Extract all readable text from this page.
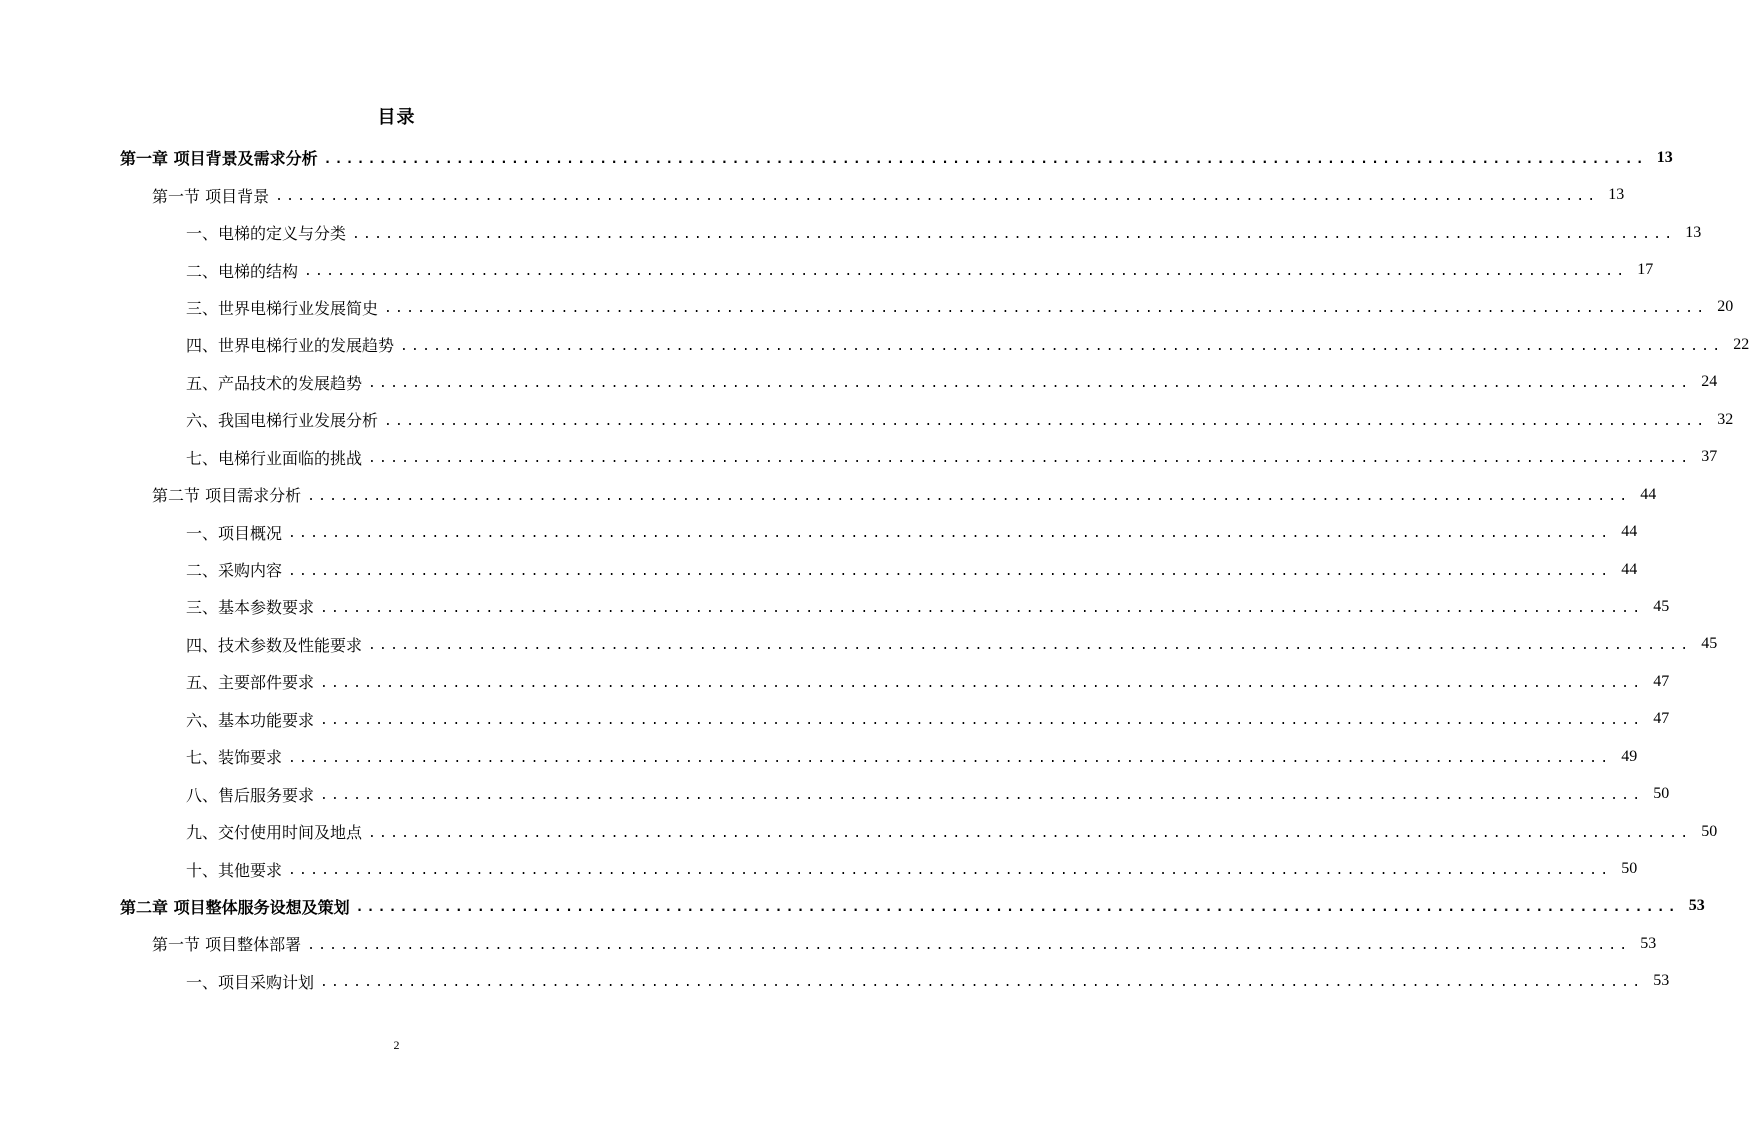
目录
第一章 项目背景及需求分析 ........................................................................................................................ 13
第一节 项目背景 ........................................................................................................................ 13
一、电梯的定义与分类 ........................................................................................................................ 13
二、电梯的结构 ........................................................................................................................ 17
三、世界电梯行业发展简史 ........................................................................................................................ 20
四、世界电梯行业的发展趋势 ........................................................................................................................ 22
五、产品技术的发展趋势 ........................................................................................................................ 24
六、我国电梯行业发展分析 ........................................................................................................................ 32
七、电梯行业面临的挑战 ........................................................................................................................ 37
第二节 项目需求分析 ........................................................................................................................ 44
一、项目概况 ........................................................................................................................ 44
二、采购内容 ........................................................................................................................ 44
三、基本参数要求 ........................................................................................................................ 45
四、技术参数及性能要求 ........................................................................................................................ 45
五、主要部件要求 ........................................................................................................................ 47
六、基本功能要求 ........................................................................................................................ 47
七、装饰要求 ........................................................................................................................ 49
八、售后服务要求 ........................................................................................................................ 50
九、交付使用时间及地点 ........................................................................................................................ 50
十、其他要求 ........................................................................................................................ 50
第二章 项目整体服务设想及策划 ........................................................................................................................ 53
第一节 项目整体部署 ........................................................................................................................ 53
一、项目采购计划 ........................................................................................................................ 53
2
